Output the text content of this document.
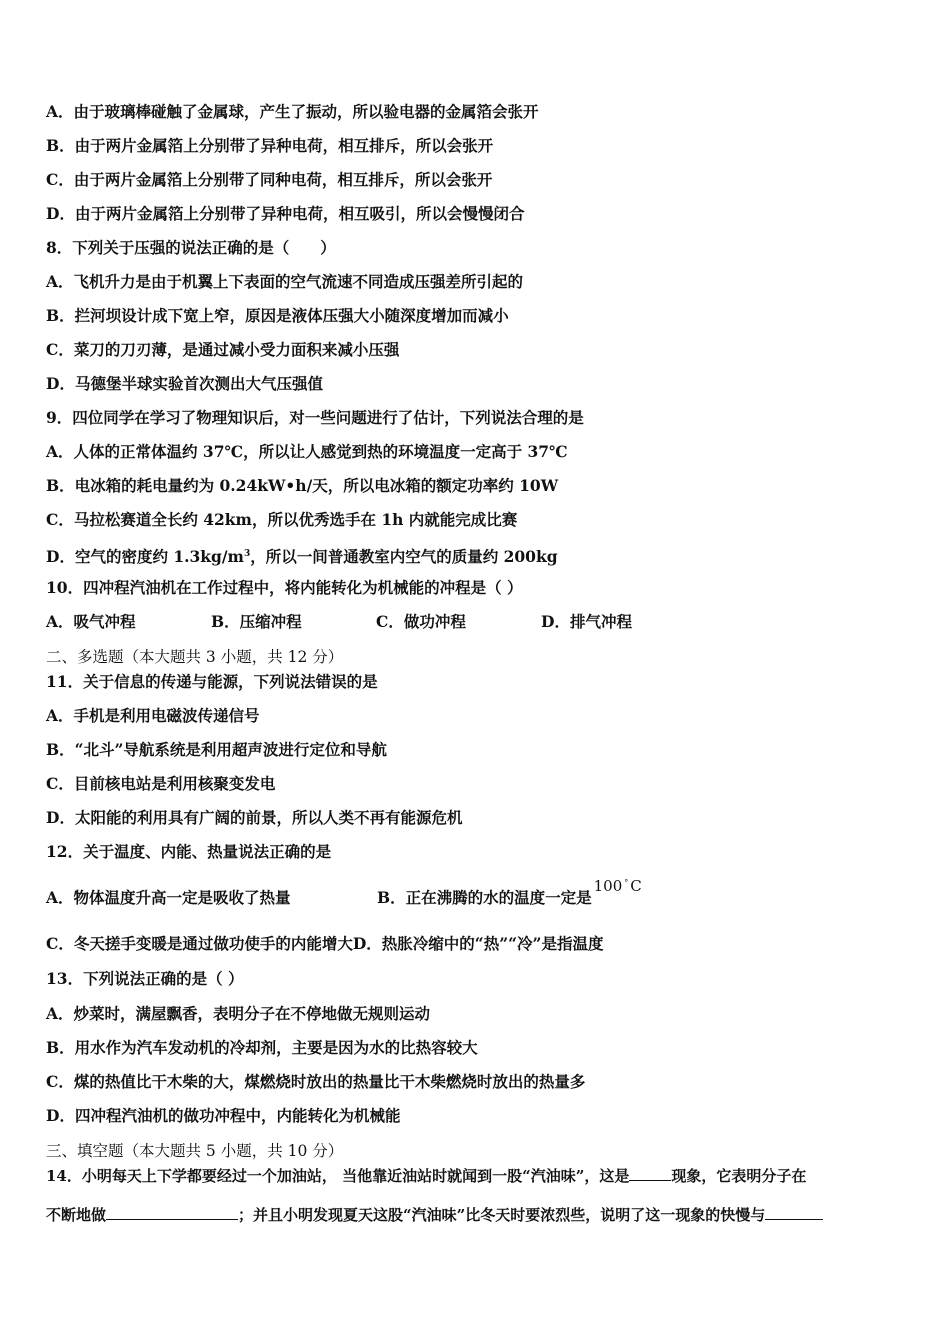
A．由于玻璃棒碰触了金属球，产生了振动，所以验电器的金属箔会张开
B．由于两片金属箔上分别带了异种电荷，相互排斥，所以会张开
C．由于两片金属箔上分别带了同种电荷，相互排斥，所以会张开
D．由于两片金属箔上分别带了异种电荷，相互吸引，所以会慢慢闭合
8．下列关于压强的说法正确的是（　　）
A．飞机升力是由于机翼上下表面的空气流速不同造成压强差所引起的
B．拦河坝设计成下宽上窄，原因是液体压强大小随深度增加而减小
C．菜刀的刀刃薄，是通过减小受力面积来减小压强
D．马德堡半球实验首次测出大气压强值
9．四位同学在学习了物理知识后，对一些问题进行了估计，下列说法合理的是
A．人体的正常体温约 37℃，所以让人感觉到热的环境温度一定高于 37℃
B．电冰箱的耗电量约为 0.24kW•h/天，所以电冰箱的额定功率约 10W
C．马拉松赛道全长约 42km，所以优秀选手在 1h 内就能完成比赛
D．空气的密度约 $1.3kg/m^3$，所以一间普通教室内空气的质量约 200kg
10．四冲程汽油机在工作过程中，将内能转化为机械能的冲程是（ ）
A．吸气冲程	B．压缩冲程	C．做功冲程	D．排气冲程
二、多选题（本大题共 3 小题，共 12 分）
11．关于信息的传递与能源，下列说法错误的是
A．手机是利用电磁波传递信号
B．“北斗”导航系统是利用超声波进行定位和导航
C．目前核电站是利用核聚变发电
D．太阳能的利用具有广阔的前景，所以人类不再有能源危机
12．关于温度、内能、热量说法正确的是
A．物体温度升高一定是吸收了热量	B．正在沸腾的水的温度一定是100 ° C
C．冬天搓手变暖是通过做功使手的内能增大D．热胀冷缩中的“热”“冷”是指温度
13．下列说法正确的是（ ）
A．炒菜时，满屋飘香，表明分子在不停地做无规则运动
B．用水作为汽车发动机的冷却剂，主要是因为水的比热容较大
C．煤的热值比干木柴的大，煤燃烧时放出的热量比干木柴燃烧时放出的热量多
D．四冲程汽油机的做功冲程中，内能转化为机械能
三、填空题（本大题共 5 小题，共 10 分）
14．小明每天上下学都要经过一个加油站， 当他靠近油站时就闻到一股“汽油味”，这是	现象，它表明分子在
不断地做	；并且小明发现夏天这股“汽油味”比冬天时要浓烈些，说明了这一现象的快慢与
